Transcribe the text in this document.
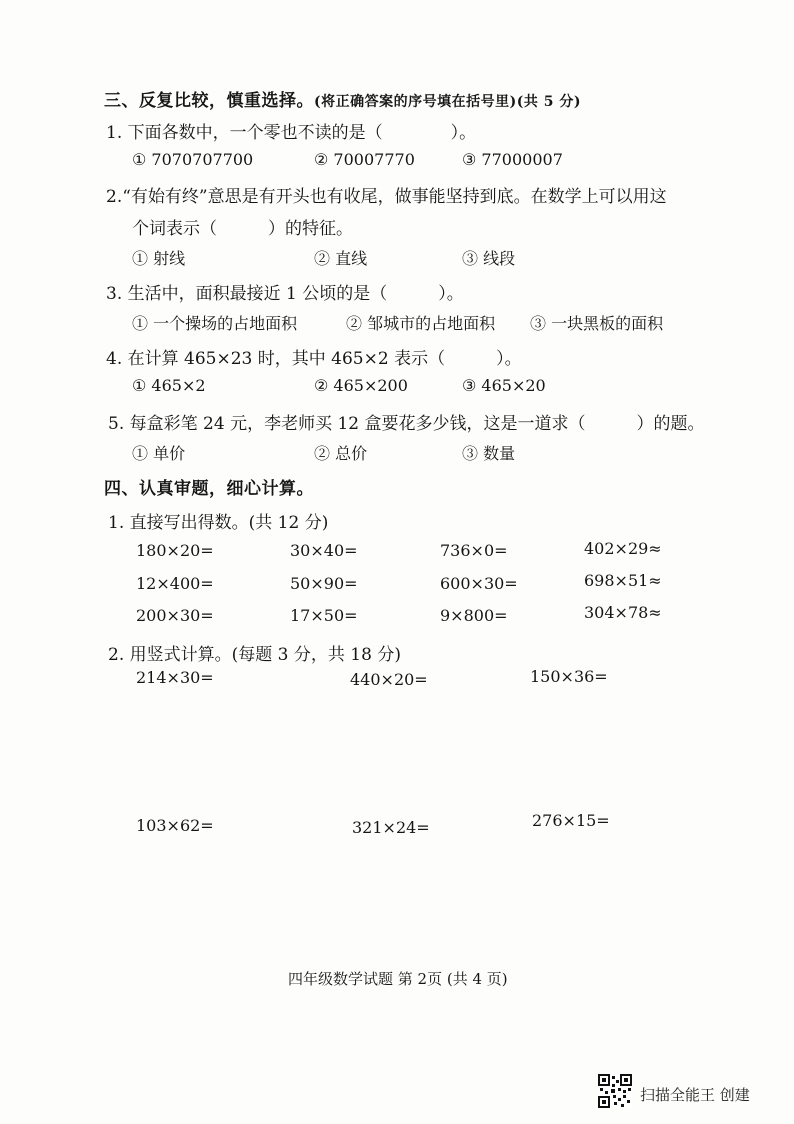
三、反复比较，慎重选择。(将正确答案的序号填在括号里)(共 5 分)
1. 下面各数中，一个零也不读的是（　　　　）。
① 7070707700	② 70007770	③ 77000007
2.“有始有终”意思是有开头也有收尾，做事能坚持到底。在数学上可以用这
个词表示（　　　）的特征。
① 射线	② 直线	③ 线段
3. 生活中，面积最接近 1 公顷的是（　　　）。
① 一个操场的占地面积	② 邹城市的占地面积 ③ 一块黑板的面积
4. 在计算 465×23 时，其中 465×2 表示（　　　）。
① 465×2	② 465×200	③ 465×20
5. 每盒彩笔 24 元，李老师买 12 盒要花多少钱，这是一道求（　　　）的题。
① 单价	② 总价	③ 数量
四、认真审题，细心计算。
1. 直接写出得数。(共 12 分)
180×20=	30×40=	736×0=	402×29≈
12×400=	50×90=	600×30=	698×51≈
200×30=	17×50=	9×800=	304×78≈
2. 用竖式计算。(每题 3 分，共 18 分)
214×30=	440×20=	150×36=
103×62=	321×24=	276×15=
四年级数学试题 第 2页 (共 4 页)
扫描全能王 创建
